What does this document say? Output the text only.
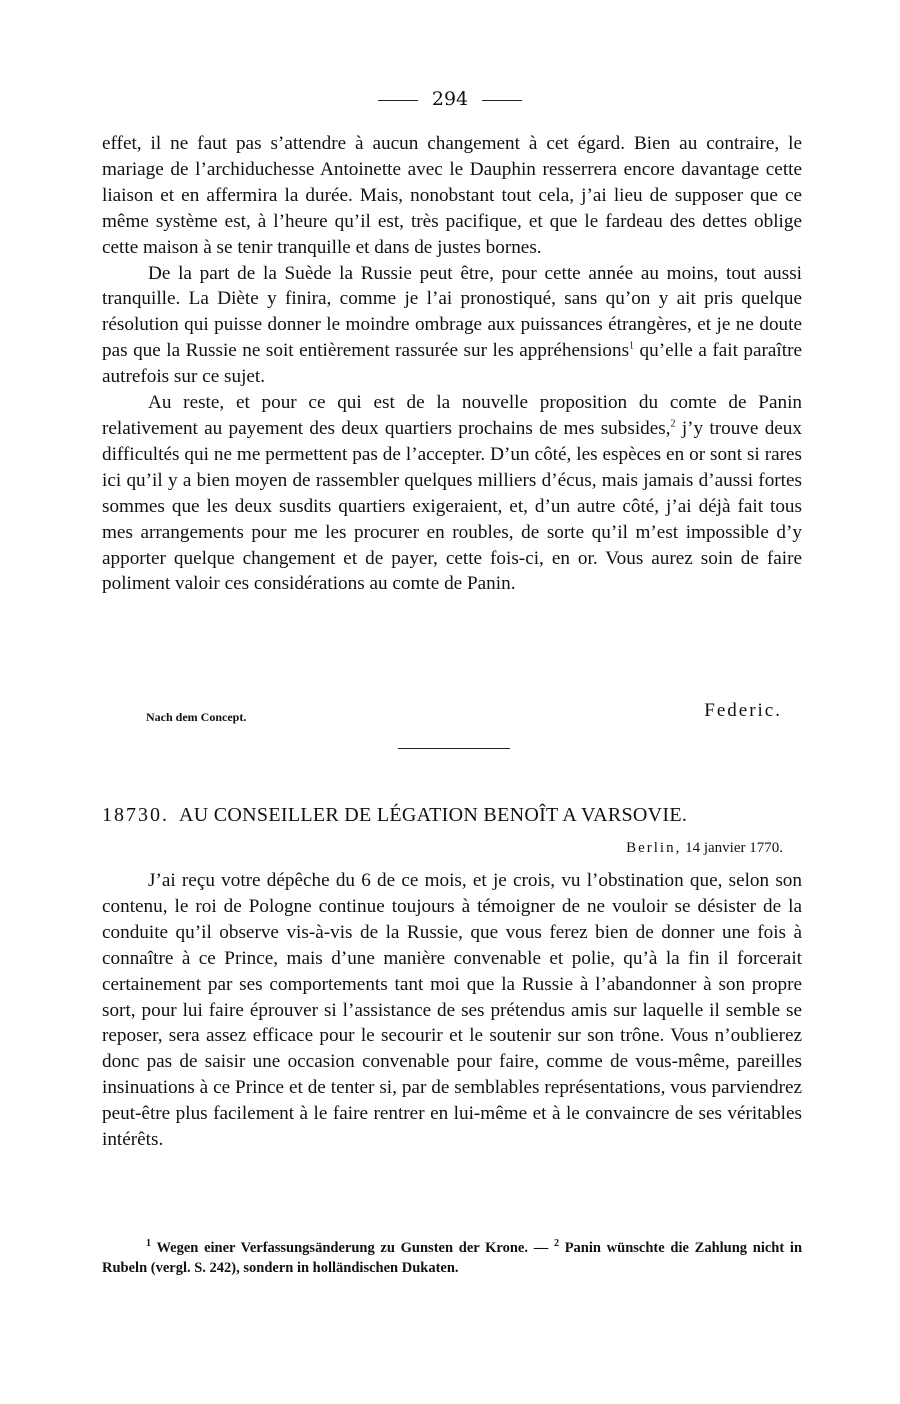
294

effet, il ne faut pas s’attendre à aucun changement à cet égard. Bien au contraire, le mariage de l’archiduchesse Antoinette avec le Dauphin resserrera encore davantage cette liaison et en affermira la durée. Mais, nonobstant tout cela, j’ai lieu de supposer que ce même système est, à l’heure qu’il est, très pacifique, et que le fardeau des dettes oblige cette maison à se tenir tranquille et dans de justes bornes.

De la part de la Suède la Russie peut être, pour cette année au moins, tout aussi tranquille. La Diète y finira, comme je l’ai pronostiqué, sans qu’on y ait pris quelque résolution qui puisse donner le moindre ombrage aux puissances étrangères, et je ne doute pas que la Russie ne soit entièrement rassurée sur les appréhensions$^1$ qu’elle a fait paraître autrefois sur ce sujet.

Au reste, et pour ce qui est de la nouvelle proposition du comte de Panin relativement au payement des deux quartiers prochains de mes subsides,$^2$ j’y trouve deux difficultés qui ne me permettent pas de l’accepter. D’un côté, les espèces en or sont si rares ici qu’il y a bien moyen de rassembler quelques milliers d’écus, mais jamais d’aussi fortes sommes que les deux susdits quartiers exigeraient, et, d’un autre côté, j’ai déjà fait tous mes arrangements pour me les procurer en roubles, de sorte qu’il m’est impossible d’y apporter quelque changement et de payer, cette fois-ci, en or. Vous aurez soin de faire poliment valoir ces considérations au comte de Panin.

Nach dem Concept.	Federic.
18730. AU CONSEILLER DE LÉGATION BENOÎT A VARSOVIE.
Berlin, 14 janvier 1770.

J’ai reçu votre dépêche du 6 de ce mois, et je crois, vu l’obstination que, selon son contenu, le roi de Pologne continue toujours à témoigner de ne vouloir se désister de la conduite qu’il observe vis-à-vis de la Russie, que vous ferez bien de donner une fois à connaître à ce Prince, mais d’une manière convenable et polie, qu’à la fin il forcerait certainement par ses comportements tant moi que la Russie à l’abandonner à son propre sort, pour lui faire éprouver si l’assistance de ses prétendus amis sur laquelle il semble se reposer, sera assez efficace pour le secourir et le soutenir sur son trône. Vous n’oublierez donc pas de saisir une occasion convenable pour faire, comme de vous-même, pareilles insinuations à ce Prince et de tenter si, par de semblables représentations, vous parviendrez peut-être plus facilement à le faire rentrer en lui-même et à le convaincre de ses véritables intérêts.

$^1$ Wegen einer Verfassungsänderung zu Gunsten der Krone. — $^2$ Panin wünschte die Zahlung nicht in Rubeln (vergl. S. 242), sondern in holländischen Dukaten.
